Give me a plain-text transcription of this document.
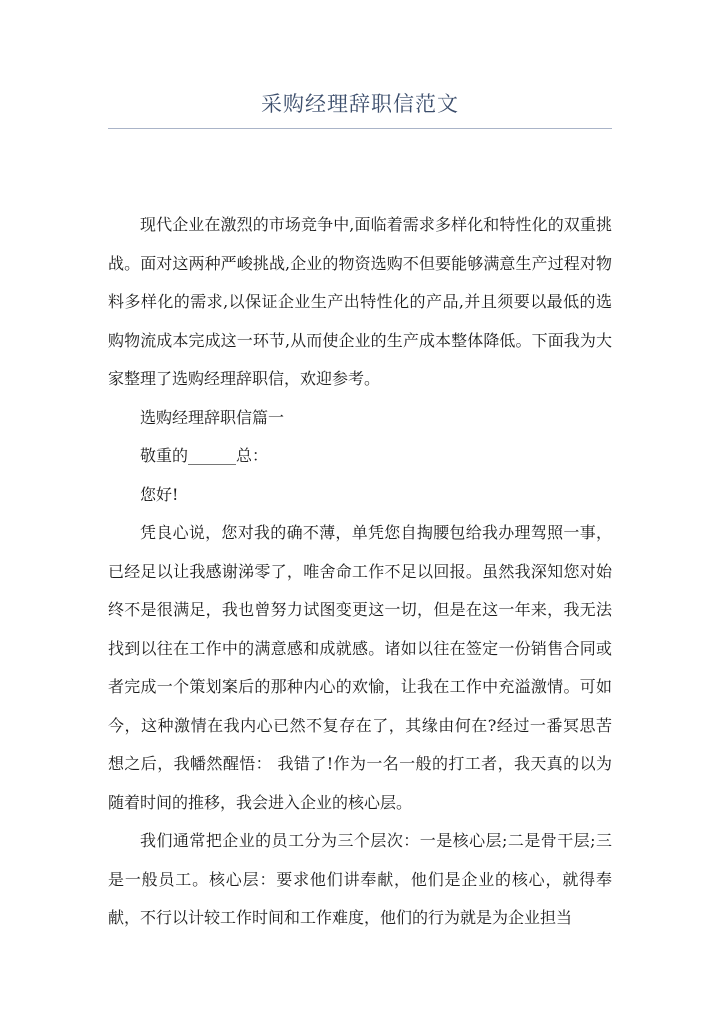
采购经理辞职信范文

现代企业在激烈的市场竞争中,面临着需求多样化和特性化的双重挑战。面对这两种严峻挑战,企业的物资选购不但要能够满意生产过程对物料多样化的需求,以保证企业生产出特性化的产品,并且须要以最低的选购物流成本完成这一环节,从而使企业的生产成本整体降低。下面我为大家整理了选购经理辞职信，欢迎参考。

选购经理辞职信篇一

敬重的______总：

您好!

凭良心说，您对我的确不薄，单凭您自掏腰包给我办理驾照一事，已经足以让我感谢涕零了，唯舍命工作不足以回报。虽然我深知您对始终不是很满足，我也曾努力试图变更这一切，但是在这一年来，我无法找到以往在工作中的满意感和成就感。诸如以往在签定一份销售合同或者完成一个策划案后的那种内心的欢愉，让我在工作中充溢激情。可如今，这种激情在我内心已然不复存在了，其缘由何在?经过一番冥思苦想之后，我幡然醒悟： 我错了!作为一名一般的打工者，我天真的以为随着时间的推移，我会进入企业的核心层。

我们通常把企业的员工分为三个层次：一是核心层;二是骨干层;三是一般员工。核心层：要求他们讲奉献，他们是企业的核心，就得奉献，不行以计较工作时间和工作难度，他们的行为就是为企业担当
